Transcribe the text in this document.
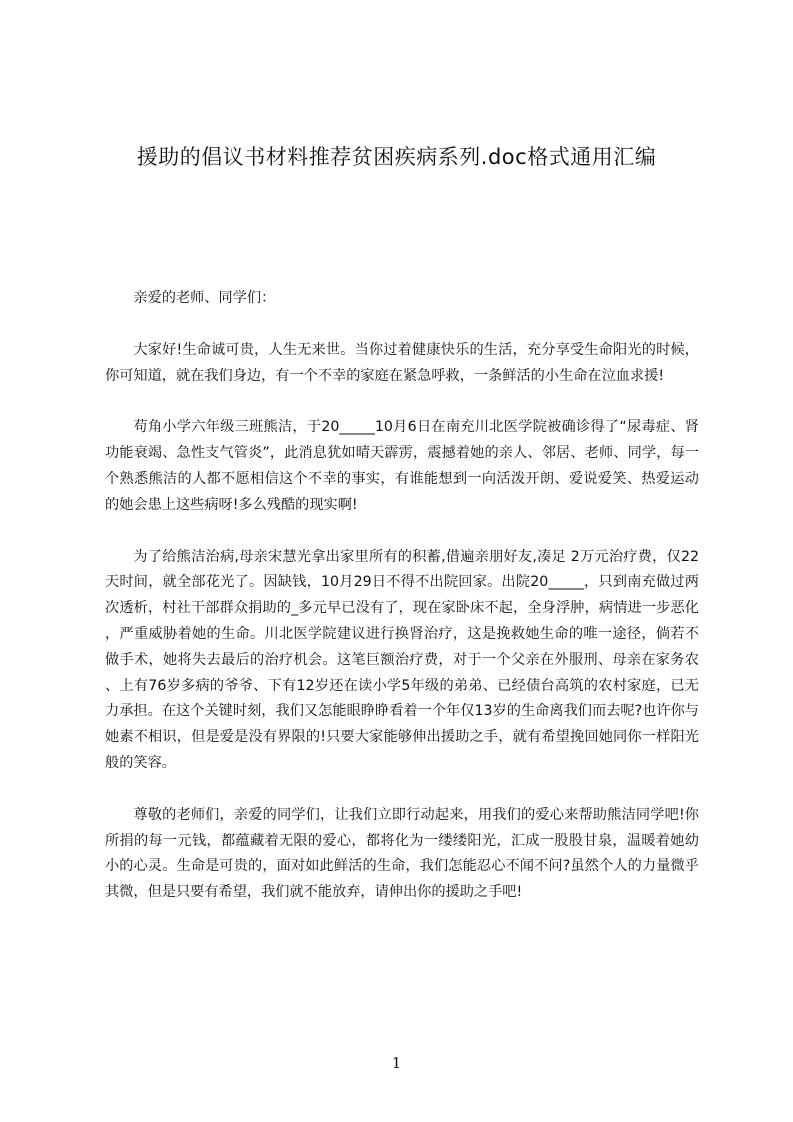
援助的倡议书材料推荐贫困疾病系列.doc格式通用汇编

亲爱的老师、同学们：

大家好!生命诚可贵，人生无来世。当你过着健康快乐的生活，充分享受生命阳光的时候，你可知道，就在我们身边，有一个不幸的家庭在紧急呼救，一条鲜活的小生命在泣血求援!

苟角小学六年级三班熊洁，于20_____10月6日在南充川北医学院被确诊得了“尿毒症、肾功能衰竭、急性支气管炎”，此消息犹如晴天霹雳，震撼着她的亲人、邻居、老师、同学，每一个熟悉熊洁的人都不愿相信这个不幸的事实，有谁能想到一向活泼开朗、爱说爱笑、热爱运动的她会患上这些病呀!多么残酷的现实啊!

为了给熊洁治病,母亲宋慧光拿出家里所有的积蓄,借遍亲朋好友,凑足 2万元治疗费，仅22天时间，就全部花光了。因缺钱，10月29日不得不出院回家。出院20_____，只到南充做过两次透析，村社干部群众捐助的_多元早已没有了，现在家卧床不起，全身浮肿，病情进一步恶化，严重威胁着她的生命。川北医学院建议进行换肾治疗，这是挽救她生命的唯一途径，倘若不做手术，她将失去最后的治疗机会。这笔巨额治疗费，对于一个父亲在外服刑、母亲在家务农、上有76岁多病的爷爷、下有12岁还在读小学5年级的弟弟、已经债台高筑的农村家庭，已无力承担。在这个关键时刻，我们又怎能眼睁睁看着一个年仅13岁的生命离我们而去呢?也许你与她素不相识，但是爱是没有界限的!只要大家能够伸出援助之手，就有希望挽回她同你一样阳光般的笑容。

尊敬的老师们，亲爱的同学们，让我们立即行动起来，用我们的爱心来帮助熊洁同学吧!你所捐的每一元钱，都蕴藏着无限的爱心，都将化为一缕缕阳光，汇成一股股甘泉，温暖着她幼小的心灵。生命是可贵的，面对如此鲜活的生命，我们怎能忍心不闻不问?虽然个人的力量微乎其微，但是只要有希望，我们就不能放弃，请伸出你的援助之手吧!

1
